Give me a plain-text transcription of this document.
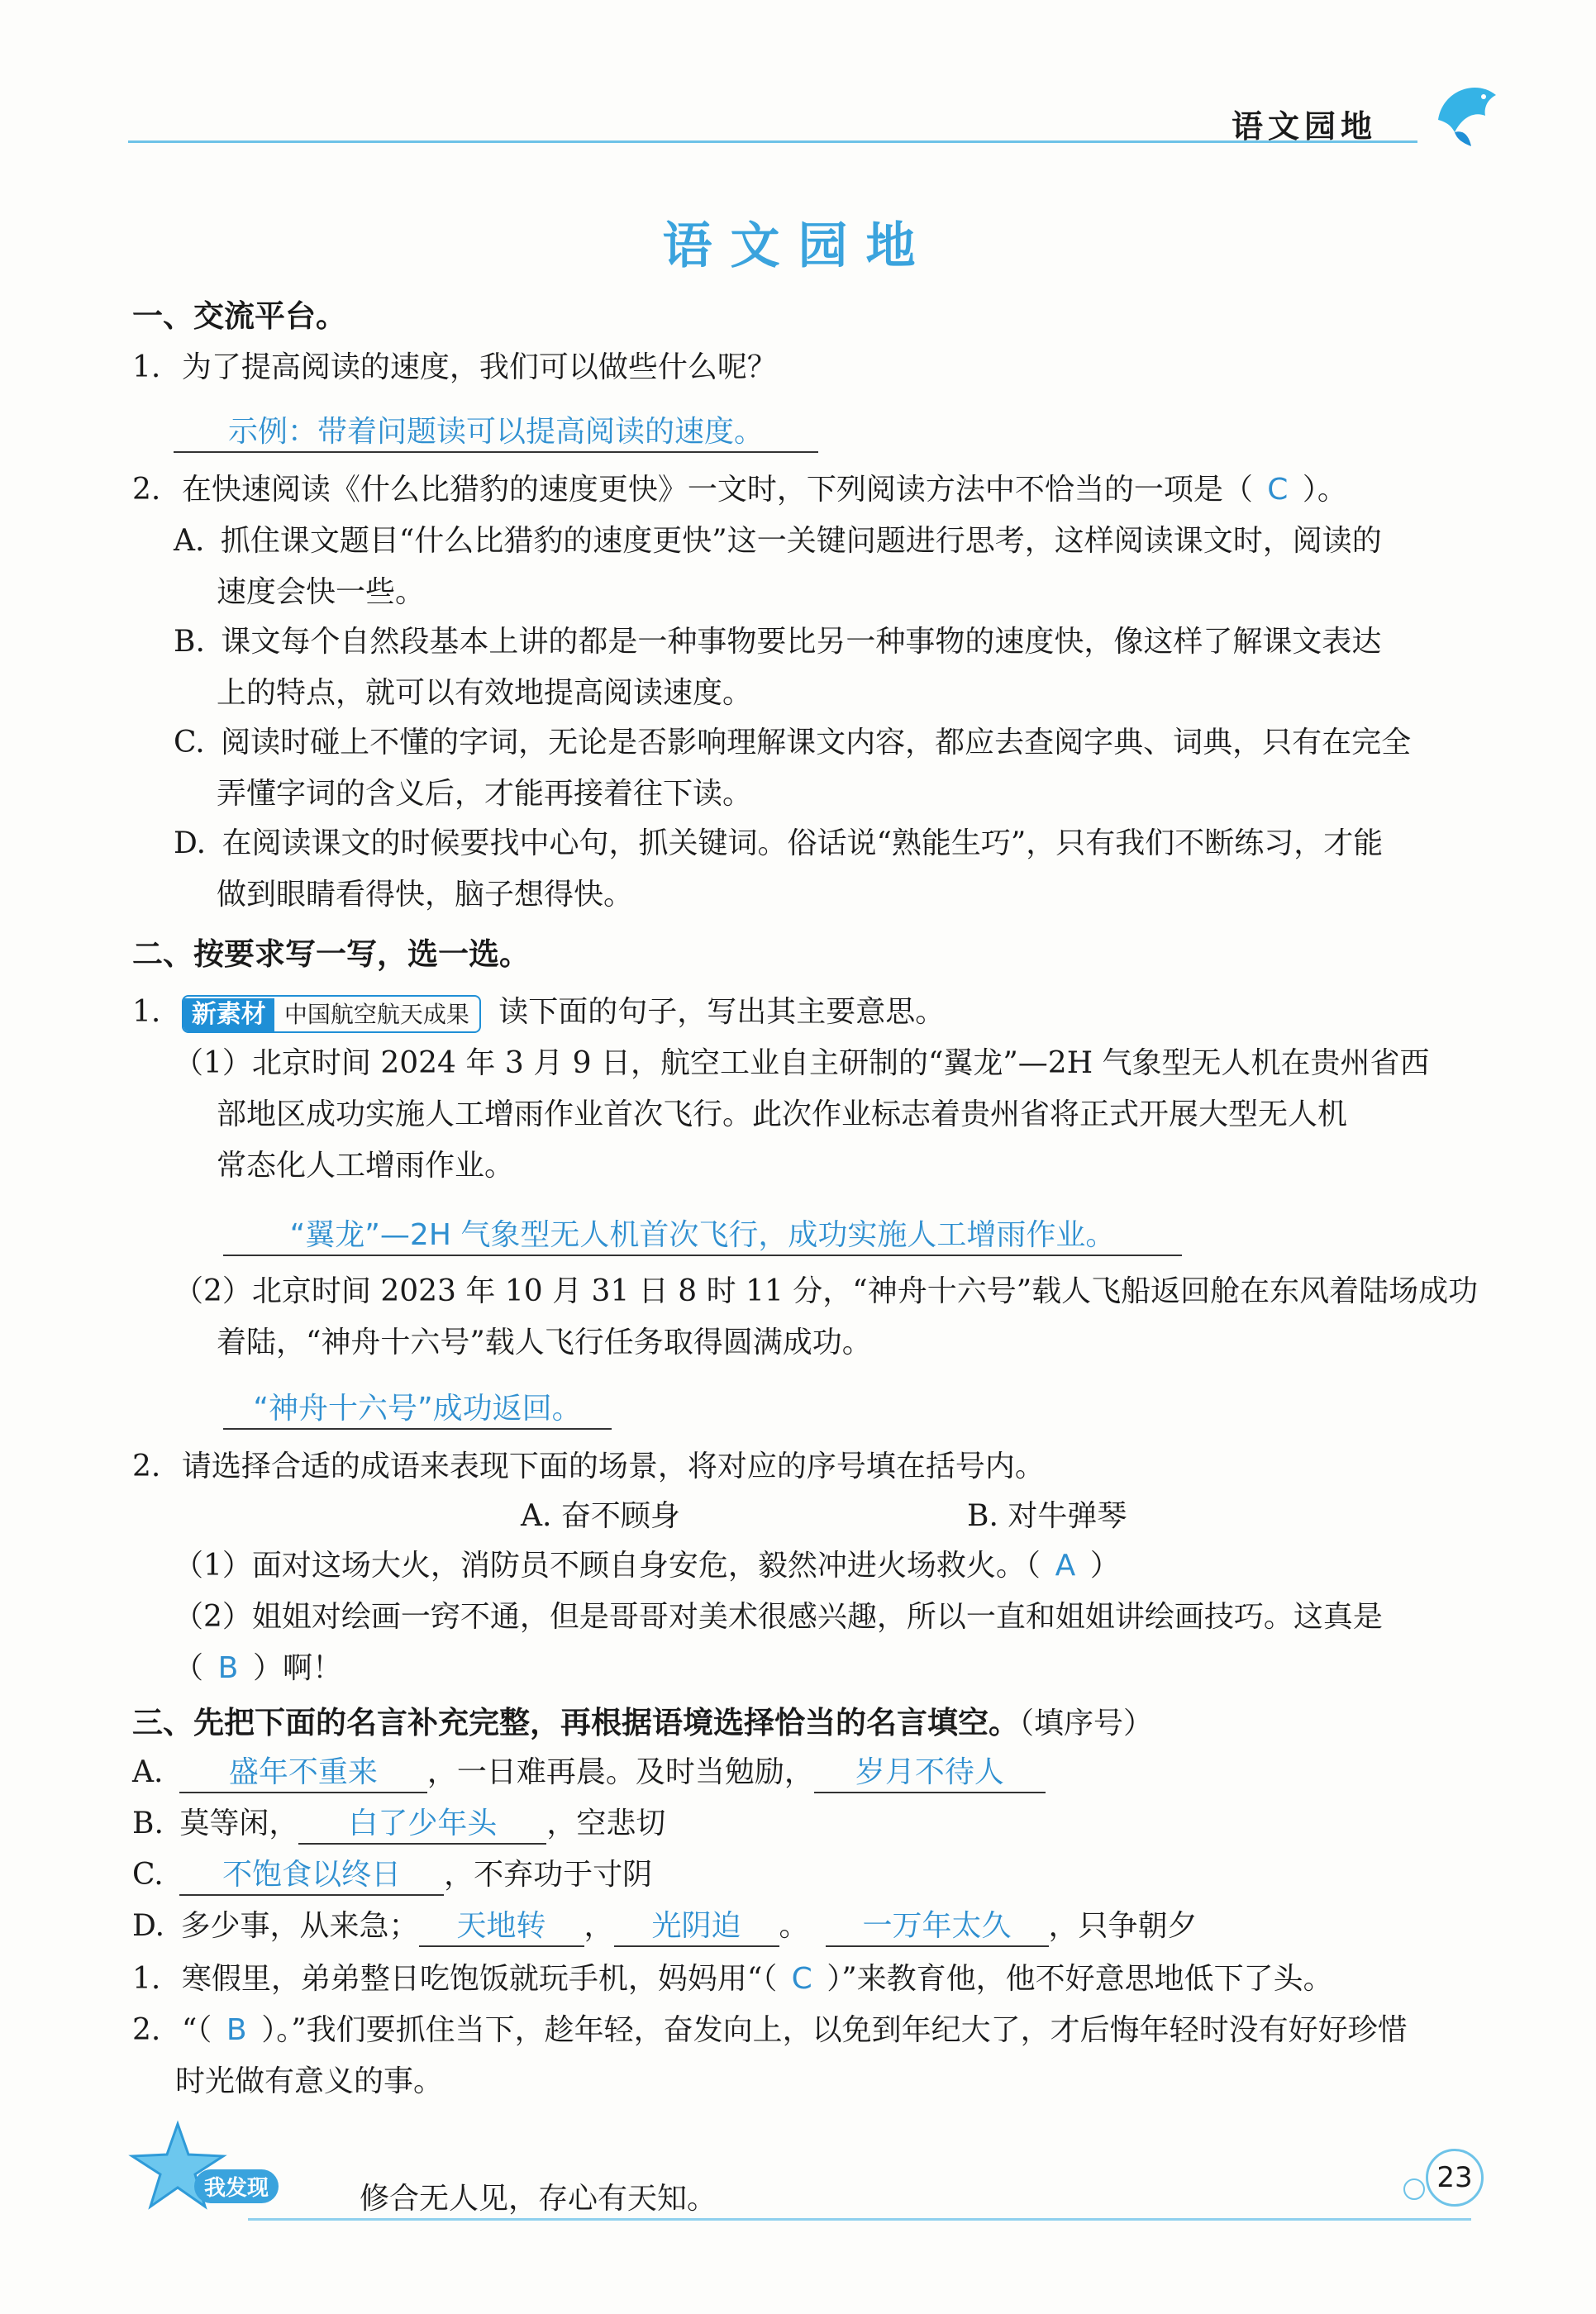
语文园地
语文园地
一、交流平台。
1. 为了提高阅读的速度，我们可以做些什么呢？
示例：带着问题读可以提高阅读的速度。
2. 在快速阅读《什么比猎豹的速度更快》一文时，下列阅读方法中不恰当的一项是（ C ）。
A. 抓住课文题目“什么比猎豹的速度更快”这一关键问题进行思考，这样阅读课文时，阅读的
速度会快一些。
B. 课文每个自然段基本上讲的都是一种事物要比另一种事物的速度快，像这样了解课文表达
上的特点，就可以有效地提高阅读速度。
C. 阅读时碰上不懂的字词，无论是否影响理解课文内容，都应去查阅字典、词典，只有在完全
弄懂字词的含义后，才能再接着往下读。
D. 在阅读课文的时候要找中心句，抓关键词。俗话说“熟能生巧”，只有我们不断练习，才能
做到眼睛看得快，脑子想得快。
二、按要求写一写，选一选。
1. 新素材 中国航空航天成果 读下面的句子，写出其主要意思。
（1）北京时间 2024 年 3 月 9 日，航空工业自主研制的“翼龙”—2H 气象型无人机在贵州省西
部地区成功实施人工增雨作业首次飞行。此次作业标志着贵州省将正式开展大型无人机
常态化人工增雨作业。
“翼龙”—2H 气象型无人机首次飞行，成功实施人工增雨作业。
（2）北京时间 2023 年 10 月 31 日 8 时 11 分，“神舟十六号”载人飞船返回舱在东风着陆场成功
着陆，“神舟十六号”载人飞行任务取得圆满成功。
“神舟十六号”成功返回。
2. 请选择合适的成语来表现下面的场景，将对应的序号填在括号内。
A. 奋不顾身	B. 对牛弹琴
（1）面对这场大火，消防员不顾自身安危，毅然冲进火场救火。（ A ）
（2）姐姐对绘画一窍不通，但是哥哥对美术很感兴趣，所以一直和姐姐讲绘画技巧。这真是
（ B ）啊！
三、先把下面的名言补充完整，再根据语境选择恰当的名言填空。（填序号）
A. 盛年不重来 ，一日难再晨。及时当勉励， 岁月不待人
B. 莫等闲， 白了少年头 ，空悲切
C. 不饱食以终日 ，不弃功于寸阴
D. 多少事，从来急； 天地转 ， 光阴迫 。 一万年太久 ，只争朝夕
1. 寒假里，弟弟整日吃饱饭就玩手机，妈妈用“（ C ）”来教育他，他不好意思地低下了头。
2. “（ B ）。”我们要抓住当下，趁年轻，奋发向上，以免到年纪大了，才后悔年轻时没有好好珍惜
时光做有意义的事。
我发现	修合无人见，存心有天知。
23
